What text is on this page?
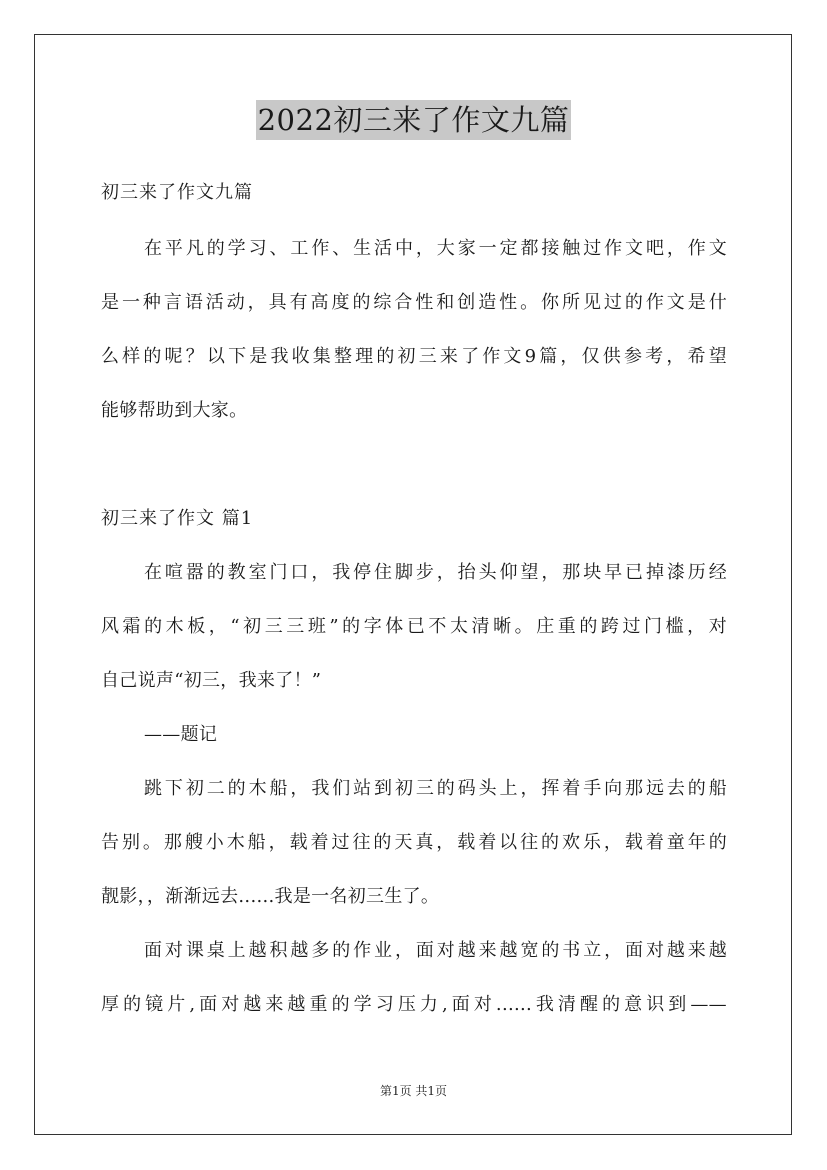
2022初三来了作文九篇

初三来了作文九篇

在平凡的学习、工作、生活中，大家一定都接触过作文吧，作文

是一种言语活动，具有高度的综合性和创造性。你所见过的作文是什

么样的呢？以下是我收集整理的初三来了作文9篇，仅供参考，希望

能够帮助到大家。

初三来了作文 篇1

在喧嚣的教室门口，我停住脚步，抬头仰望，那块早已掉漆历经

风霜的木板，“初三三班”的字体已不太清晰。庄重的跨过门槛，对

自己说声“初三，我来了！”

——题记

跳下初二的木船，我们站到初三的码头上，挥着手向那远去的船

告别。那艘小木船，载着过往的天真，载着以往的欢乐，载着童年的

靓影，，渐渐远去......我是一名初三生了。

面对课桌上越积越多的作业，面对越来越宽的书立，面对越来越

厚的镜片,面对越来越重的学习压力,面对......我清醒的意识到——

第1页 共1页
